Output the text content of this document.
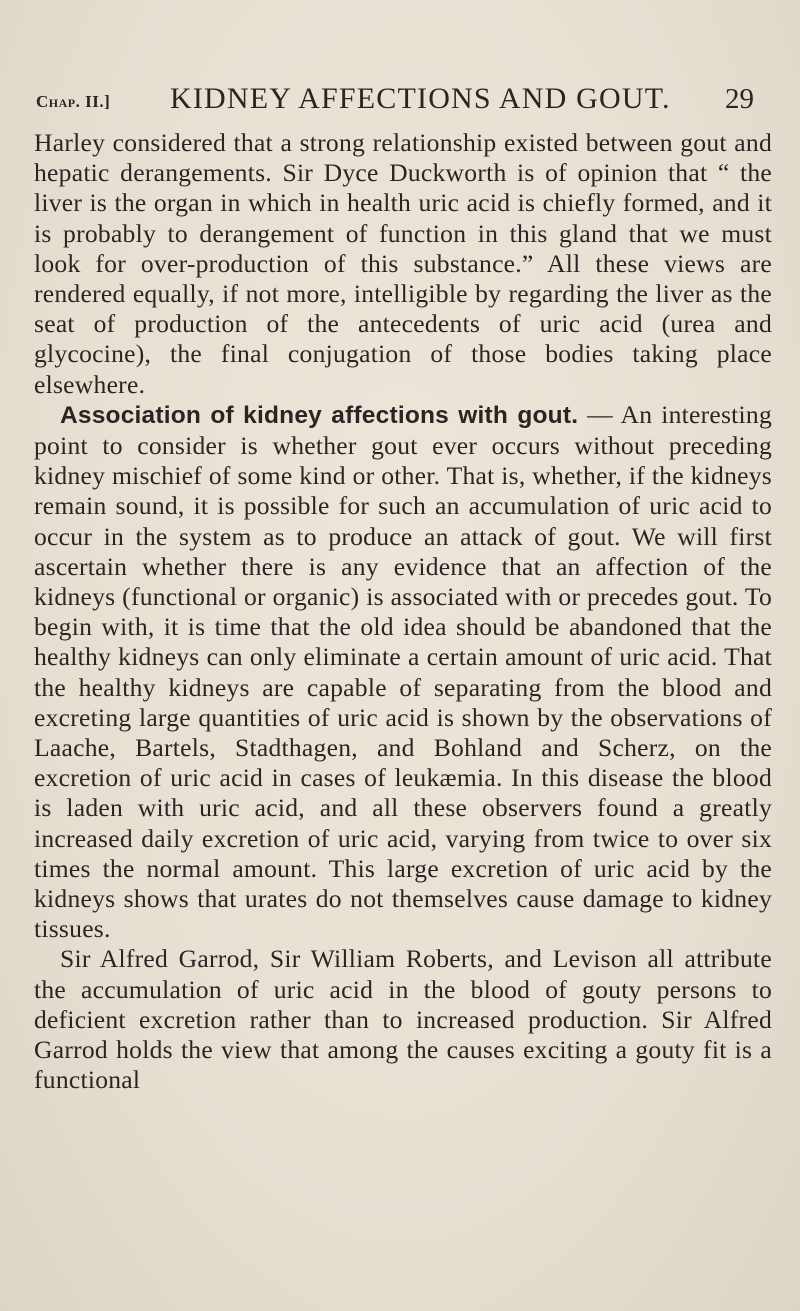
Chap. II.] KIDNEY AFFECTIONS AND GOUT. 29

Harley considered that a strong relationship existed between gout and hepatic derangements. Sir Dyce Duckworth is of opinion that “ the liver is the organ in which in health uric acid is chiefly formed, and it is probably to derangement of function in this gland that we must look for over-production of this substance.” All these views are rendered equally, if not more, intelligible by regarding the liver as the seat of production of the antecedents of uric acid (urea and glycocine), the final conjugation of those bodies taking place elsewhere.

Association of kidney affections with gout. — An interesting point to consider is whether gout ever occurs without preceding kidney mischief of some kind or other. That is, whether, if the kidneys remain sound, it is possible for such an accumulation of uric acid to occur in the system as to produce an attack of gout. We will first ascertain whether there is any evidence that an affection of the kidneys (functional or organic) is associated with or precedes gout. To begin with, it is time that the old idea should be abandoned that the healthy kidneys can only eliminate a certain amount of uric acid. That the healthy kidneys are capable of separating from the blood and excreting large quantities of uric acid is shown by the observations of Laache, Bartels, Stadthagen, and Bohland and Scherz, on the excretion of uric acid in cases of leukæmia. In this disease the blood is laden with uric acid, and all these observers found a greatly increased daily excretion of uric acid, varying from twice to over six times the normal amount. This large excretion of uric acid by the kidneys shows that urates do not themselves cause damage to kidney tissues.

Sir Alfred Garrod, Sir William Roberts, and Levison all attribute the accumulation of uric acid in the blood of gouty persons to deficient excretion rather than to increased production. Sir Alfred Garrod holds the view that among the causes exciting a gouty fit is a functional
